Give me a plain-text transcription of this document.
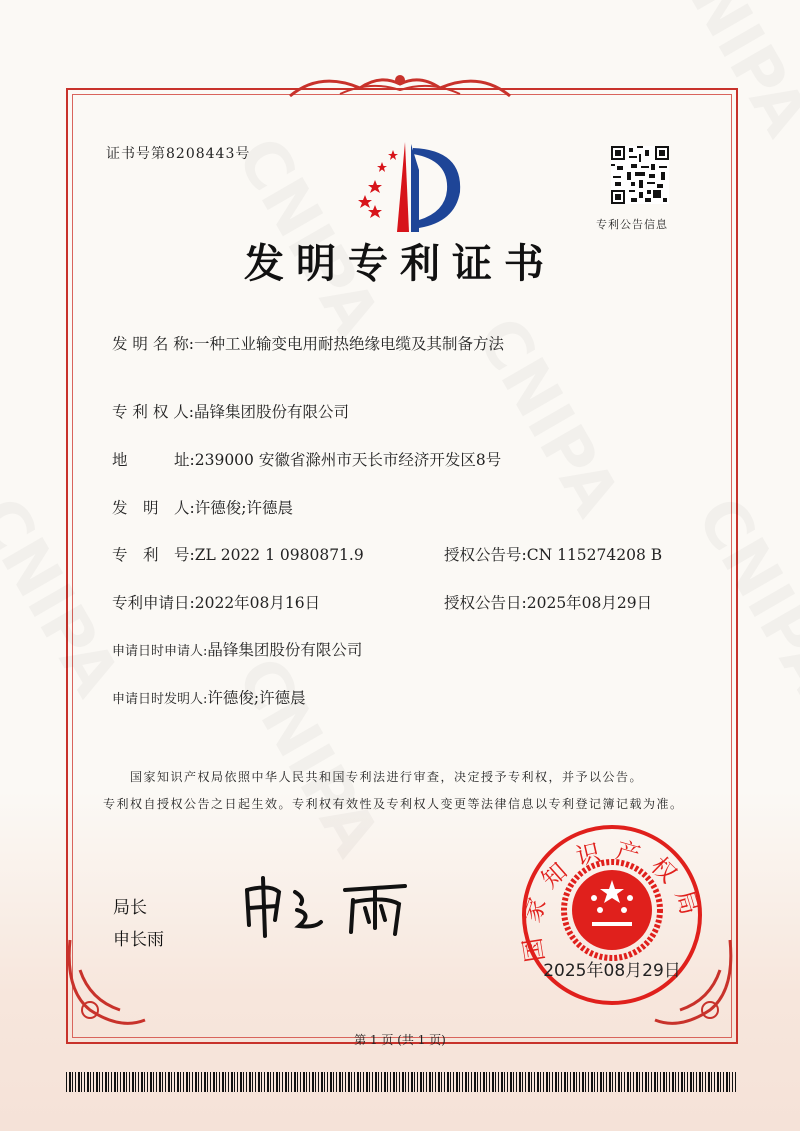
证书号第8208443号
专利公告信息
发明专利证书
发 明 名 称:一种工业输变电用耐热绝缘电缆及其制备方法
专 利 权 人:晶锋集团股份有限公司
地　　　址:239000 安徽省滁州市天长市经济开发区8号
发　明　人:许德俊;许德晨
专　利　号:ZL 2022 1 0980871.9	授权公告号:CN 115274208 B
专利申请日:2022年08月16日	授权公告日:2025年08月29日
申请日时申请人:晶锋集团股份有限公司
申请日时发明人:许德俊;许德晨
国家知识产权局依照中华人民共和国专利法进行审查，决定授予专利权，并予以公告。
专利权自授权公告之日起生效。专利权有效性及专利权人变更等法律信息以专利登记簿记载为准。
局长
申长雨	国家知识产权局
2025年08月29日
第 1 页 (共 1 页)
